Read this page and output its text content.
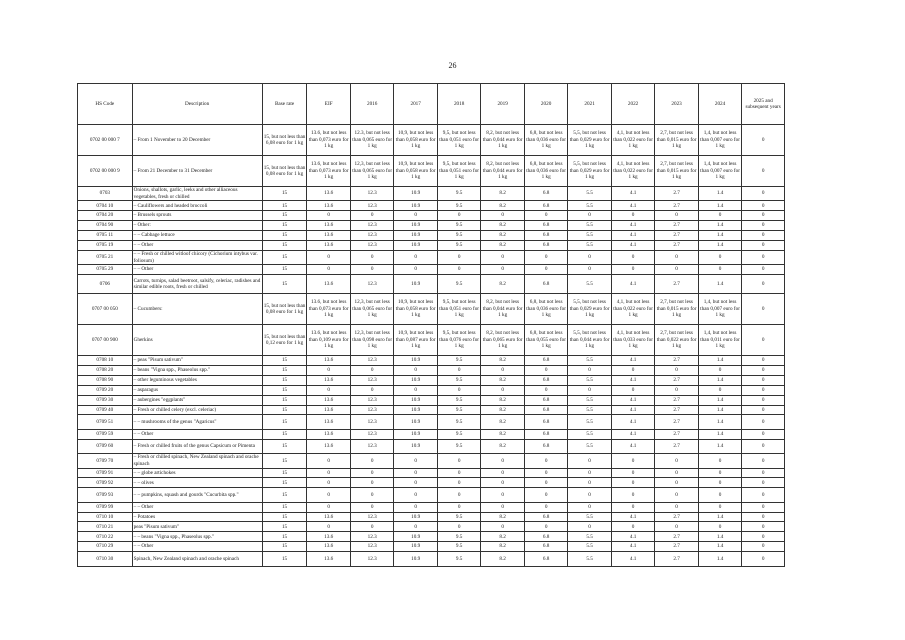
26
HS Code	Description	Base rate	EIF	2016	2017	2018	2019	2020	2021	2022	2023	2024	2025 and subsequent years
0702 00 000 7	– From 1 November to 20 December	15, but not less than 6,08 euro for 1 kg	13.6, but not less than 0,073 euro for 1 kg	12.3, but not less than 0,065 euro for 1 kg	10,9, but not less than 0,058 euro for 1 kg	9,5, but not less than 0,051 euro for 1 kg	8,2, but not less than 0,044 euro for 1 kg	6,8, but not less than 0,036 euro for 1 kg	5,5, but not less than 0,029 euro for 1 kg	4,1, but not less than 0,022 euro for 1 kg	2,7, but not less than 0,015 euro for 1 kg	1,4, but not less than 0,007 euro for 1 kg	0
0702 00 000 9	– From 21 December to 31 December	15, but not less than 0,08 euro for 1 kg	13.6, but not less than 0,073 euro for 1 kg	12,3, but not less than 0,065 euro for 1 kg	10,9, but not less than 0,058 euro for 1 kg	9,5, but not less than 0,051 euro for 1 kg	8,2, but not less than 0,044 euro for 1 kg	6,8, but not less than 0,036 euro for 1 kg	5,5, but not less than 0,029 euro for 1 kg	4,1, but not less than 0,022 euro for 1 kg	2,7, but not less than 0,015 euro for 1 kg	1,4, but not less than 0,007 euro for 1 kg	0
0703	Onions, shallots, garlic, leeks and other alliaceous vegetables, fresh or chilled	15	13.6	12.3	10.9	9.5	8.2	6.8	5.5	4.1	2.7	1.4	0
0704 10	– Cauliflowers and headed broccoli	15	13.6	12.3	10.9	9.5	8.2	6.8	5.5	4.1	2.7	1.4	0
0704 20	– Brussels sprouts	15	0	0	0	0	0	0	0	0	0	0	0
0704 90	– Other:	15	13.6	12.3	10.9	9.5	8.2	6.8	5.5	4.1	2.7	1.4	0
0705 11	– – Cabbage lettuce	15	13.6	12.3	10.9	9.5	8.2	6.8	5.5	4.1	2.7	1.4	0
0705 19	– – Other	15	13.6	12.3	10.9	9.5	8.2	6.8	5.5	4.1	2.7	1.4	0
0705 21	– – Fresh or chilled witloof chicory (Cichorium intybus var. foliosum)	15	0	0	0	0	0	0	0	0	0	0	0
0705 29	– – Other	15	0	0	0	0	0	0	0	0	0	0	0
0706	Carrots, turnips, salad beetroot, salsify, celeriac, radishes and similar edible roots, fresh or chilled	15	13.6	12.3	10.9	9.5	8.2	6.8	5.5	4.1	2.7	1.4	0
0707 00 050	– Cucumbers:	15, but not less than 0,08 euro for 1 kg	13.6, but not less than 0,073 euro for 1 kg	12,3, but not less than 0,065 euro for 1 kg	10,9, but not less than 0,058 euro for 1 kg	9,5, but not less than 0,051 euro for 1 kg	8,2, but not less than 0,044 euro for 1 kg	6,8, but not less than 0,036 euro for 1 kg	5,5, but not less than 0,029 euro for 1 kg	4,1, but not less than 0,022 euro for 1 kg	2,7, but not less than 0,015 euro for 1 kg	1,4, but not less than 0,007 euro for 1 kg	0
0707 00 900	Gherkins	15, but not less than 0,12 euro for 1 kg	13.6, but not less than 0,109 euro for 1 kg	12,3, but not less than 0,098 euro for 1 kg	10,9, but not less than 0,087 euro for 1 kg	9,5, but not less than 0,076 euro for 1 kg	8,2, but not less than 0,065 euro for 1 kg	6,8, but not less than 0,055 euro for 1 kg	5,5, but not less than 0,044 euro for 1 kg	4,1, but not less than 0,033 euro for 1 kg	2,7, but not less than 0,022 euro for 1 kg	1,4, but not less than 0,011 euro for 1 kg	0
0708 10	– peas "Pisum sativum"	15	13.6	12.3	10.9	9.5	8.2	6.8	5.5	4.1	2.7	1.4	0
0708 20	– beans "Vigna spp., Phaseolus spp."	15	0	0	0	0	0	0	0	0	0	0	0
0708 90	– other leguminous vegetables	15	13.6	12.3	10.9	9.5	8.2	6.8	5.5	4.1	2.7	1.4	0
0709 20	– asparagus	15	0	0	0	0	0	0	0	0	0	0	0
0709 30	– aubergines "eggplants"	15	13.6	12.3	10.9	9.5	8.2	6.8	5.5	4.1	2.7	1.4	0
0709 40	– Fresh or chilled celery (excl. celeriac)	15	13.6	12.3	10.9	9.5	8.2	6.8	5.5	4.1	2.7	1.4	0
0709 51	– – mushrooms of the genus "Agaricus"	15	13.6	12.3	10.9	9.5	8.2	6.8	5.5	4.1	2.7	1.4	0
0709 59	– – Other	15	13.6	12.3	10.9	9.5	8.2	6.8	5.5	4.1	2.7	1.4	0
0709 60	– Fresh or chilled fruits of the genus Capsicum or Pimenta	15	13.6	12.3	10.9	9.5	8.2	6.8	5.5	4.1	2.7	1.4	0
0709 70	– Fresh or chilled spinach, New Zealand spinach and orache spinach	15	0	0	0	0	0	0	0	0	0	0	0
0709 91	– – globe artichokes	15	0	0	0	0	0	0	0	0	0	0	0
0709 92	– – olives	15	0	0	0	0	0	0	0	0	0	0	0
0709 93	– – pumpkins, squash and gourds "Cucurbita spp."	15	0	0	0	0	0	0	0	0	0	0	0
0709 99	– – Other	15	0	0	0	0	0	0	0	0	0	0	0
0710 10	– Potatoes	15	13.6	12.3	10.9	9.5	8.2	6.8	5.5	4.1	2.7	1.4	0
0710 21	peas "Pisum sativum"	15	0	0	0	0	0	0	0	0	0	0	0
0710 22	– – beans "Vigna spp., Phaseolus spp."	15	13.6	12.3	10.9	9.5	8.2	6.8	5.5	4.1	2.7	1.4	0
0710 29	– – Other	15	13.6	12.3	10.9	9.5	8.2	6.8	5.5	4.1	2.7	1.4	0
0710 30	Spinach, New Zealand spinach and orache spinach	15	13.6	12.3	10.9	9.5	8.2	6.8	5.5	4.1	2.7	1.4	0
